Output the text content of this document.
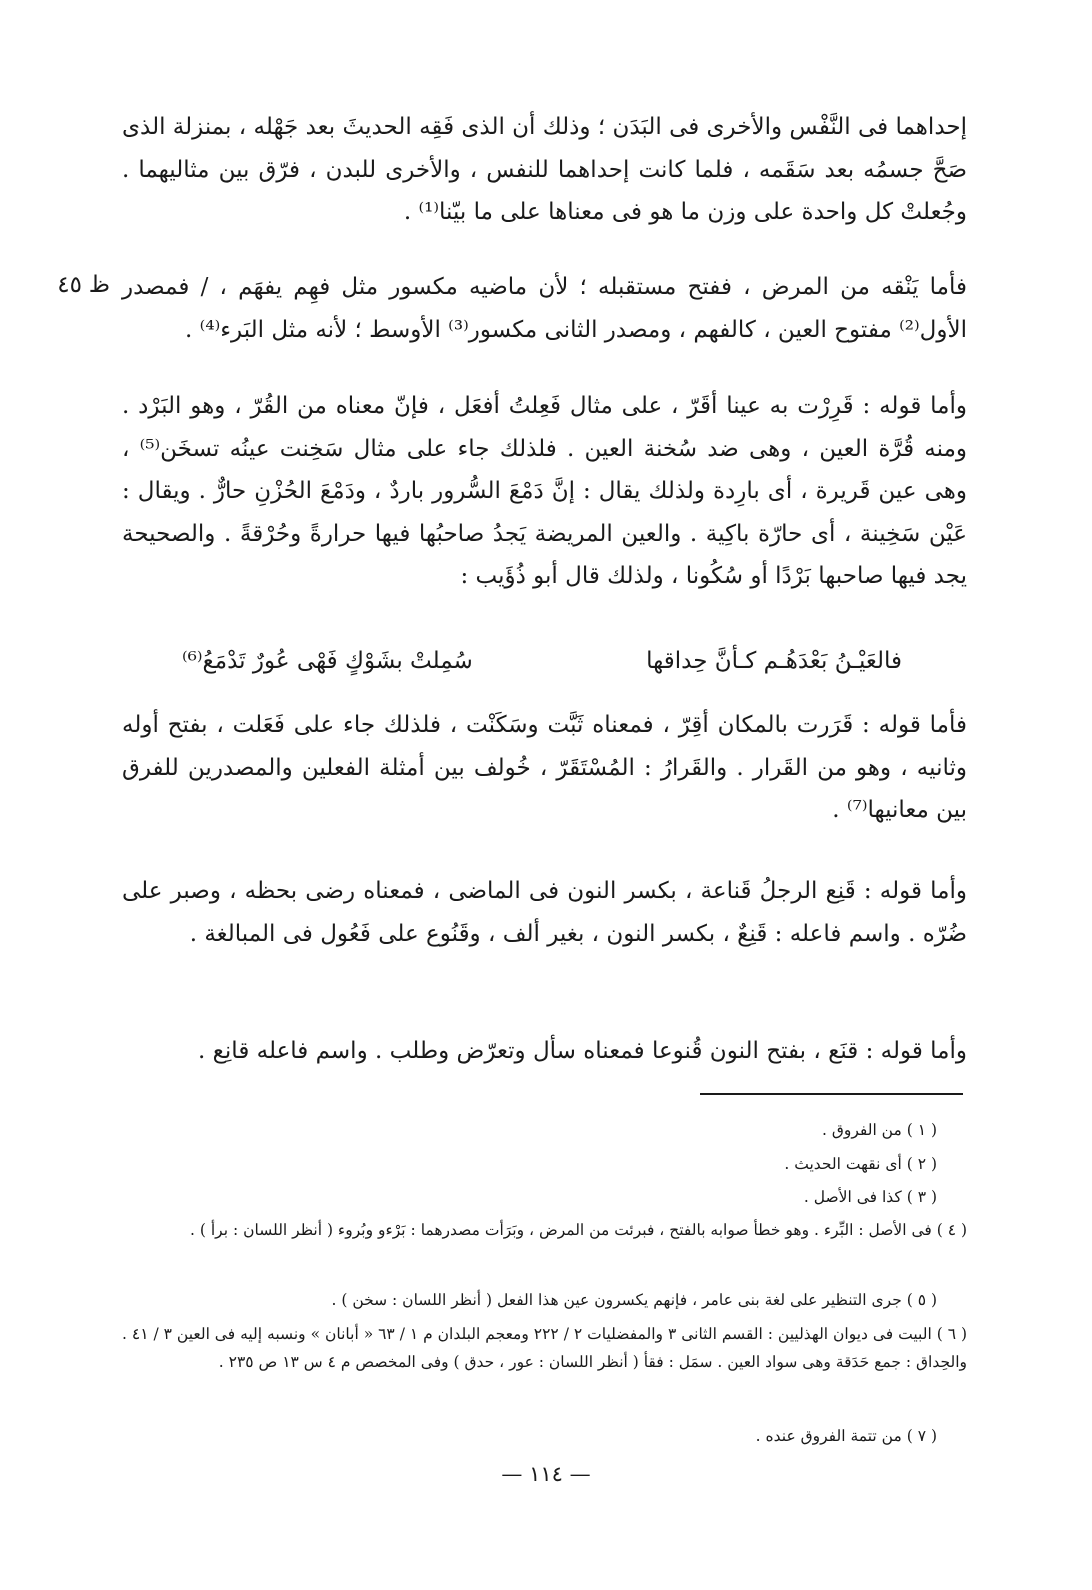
إحداهما فى النَّفْس والأخرى فى البَدَن ؛ وذلك أن الذى فَقِه الحديثَ بعد جَهْله ، بمنزلة الذى صَحَّ جسمُه بعد سَقَمه ، فلما كانت إحداهما للنفس ، والأخرى للبدن ، فرّق بين مثاليهما . وجُعلتْ كل واحدة على وزن ما هو فى معناها على ما بيّنا⁽¹⁾ .

٤٥ ظ فأما يَنْقه من المرض ، ففتح مستقبله ؛ لأن ماضيه مكسور مثل فهِم يفهَم ، / فمصدر الأول⁽²⁾ مفتوح العين ، كالفهم ، ومصدر الثانى مكسور⁽³⁾ الأوسط ؛ لأنه مثل البَرء⁽⁴⁾ .

وأما قوله : قَرِرْت به عينا أقَرّ ، على مثال فَعِلتُ أفعَل ، فإنّ معناه من القُرّ ، وهو البَرْد . ومنه قُرَّة العين ، وهى ضد سُخنة العين . فلذلك جاء على مثال سَخِنت عينُه تسخَن⁽⁵⁾ ، وهى عين قَريرة ، أى بارِدة ولذلك يقال : إنَّ دَمْعَ السُّرور باردٌ ، ودَمْعَ الحُزْنِ حارٌّ . ويقال : عَيْن سَخِينة ، أى حارّة باكِية . والعين المريضة يَجدُ صاحبُها فيها حرارةً وحُرْقةً . والصحيحة يجد فيها صاحبها بَرْدًا أو سُكُونا ، ولذلك قال أبو ذُؤَيب :

فالعَيْـنُ بَعْدَهُـم كـأنَّ حِداقها
سُمِلتْ بشَوْكٍ فَهْى عُورٌ تَدْمَعُ⁽⁶⁾

فأما قوله : قَرَرت بالمكان أقِرّ ، فمعناه ثَبَّت وسَكَنْت ، فلذلك جاء على فَعَلت ، بفتح أوله وثانيه ، وهو من القَرار . والقَرارُ : المُسْتَقَرّ ، خُولف بين أمثلة الفعلين والمصدرين للفرق بين معانيها⁽⁷⁾ .

وأما قوله : قَنِع الرجلُ قَناعة ، بكسر النون فى الماضى ، فمعناه رضى بحظه ، وصبر على ضُرّه . واسم فاعله : قَنِعٌ ، بكسر النون ، بغير ألف ، وقَنُوع على فَعُول فى المبالغة .

وأما قوله : قنَع ، بفتح النون قُنوعا فمعناه سأل وتعرّض وطلب . واسم فاعله قانِع .

( ١ ) من الفروق .

( ٢ ) أى نقهت الحديث .

( ٣ ) كذا فى الأصل .

( ٤ ) فى الأصل : البِّرء . وهو خطأ صوابه بالفتح ، فبرئت من المرض ، وبَرَأت مصدرهما : بَرْءو وبُروء ( أنظر اللسان : برأ ) .

( ٥ ) جرى التنظير على لغة بنى عامر ، فإنهم يكسرون عين هذا الفعل ( أنظر اللسان : سخن ) .

( ٦ ) البيت فى ديوان الهذليين : القسم الثانى ٣ والمفضليات ٢ / ٢٢٢ ومعجم البلدان م ١ / ٦٣ « أبانان » ونسبه إليه فى العين ٣ / ٤١ . والحِداق : جمع حَدَقة وهى سواد العين . سمَل : فقأ ( أنظر اللسان : عور ، حدق ) وفى المخصص م ٤ س ١٣ ص ٢٣٥ .

( ٧ ) من تتمة الفروق عنده .

— ١١٤ —
